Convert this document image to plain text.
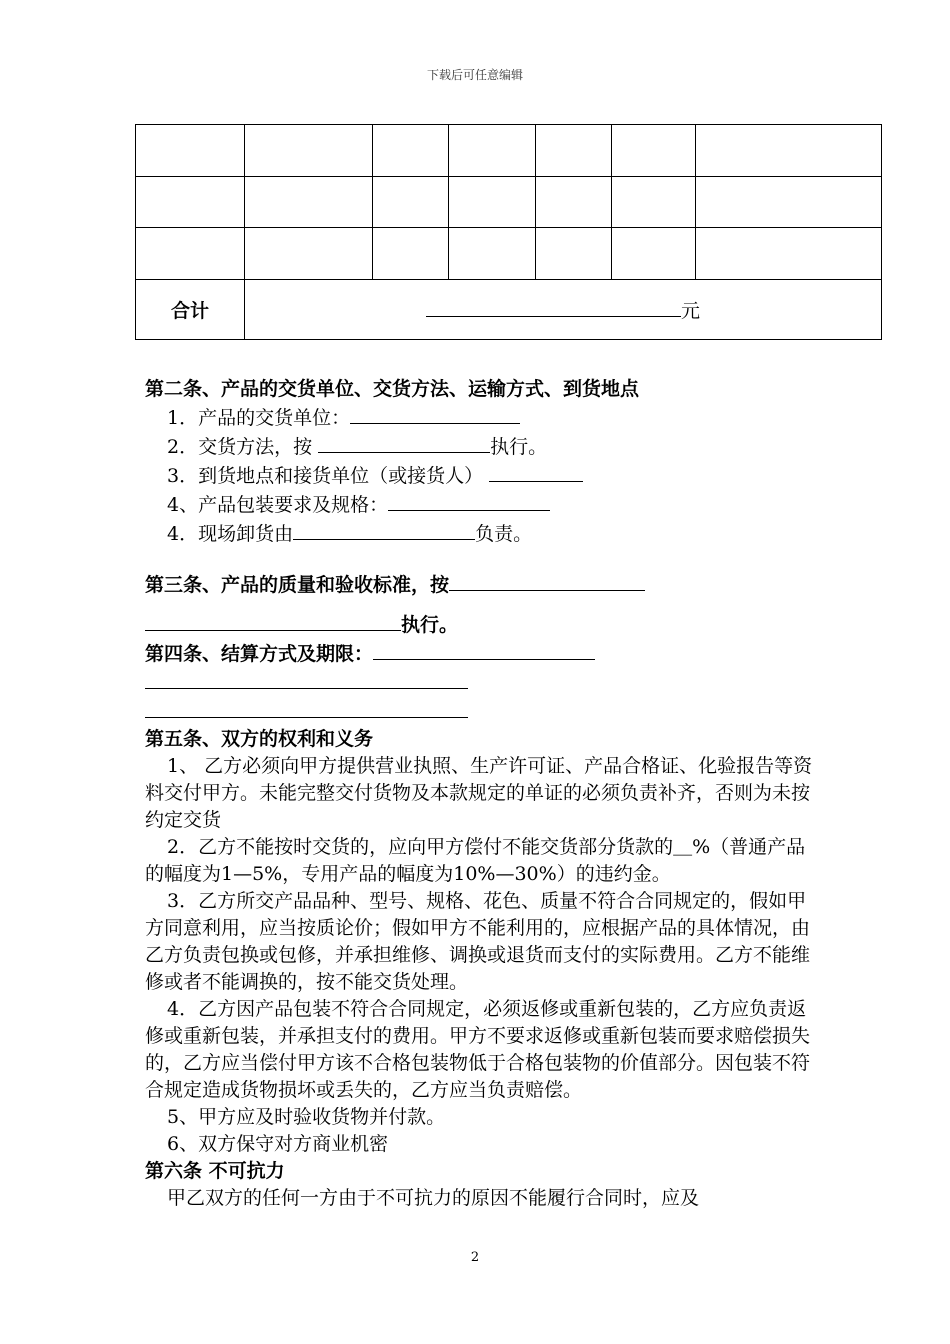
下载后可任意编辑

合计	元					

第二条、产品的交货单位、交货方法、运输方式、到货地点

1．产品的交货单位：

2．交货方法，按	执行。

3．到货地点和接货单位（或接货人）

4、产品包装要求及规格：

4．现场卸货由	负责。

第三条、产品的质量和验收标准，按

执行。

第四条、结算方式及期限：

第五条、双方的权利和义务

1、 乙方必须向甲方提供营业执照、生产许可证、产品合格证、化验报告等资料交付甲方。未能完整交付货物及本款规定的单证的必须负责补齐，否则为未按约定交货

2．乙方不能按时交货的，应向甲方偿付不能交货部分货款的＿%（普通产品的幅度为1—5%，专用产品的幅度为10%—30%）的违约金。

3．乙方所交产品品种、型号、规格、花色、质量不符合合同规定的，假如甲方同意利用，应当按质论价；假如甲方不能利用的，应根据产品的具体情况，由乙方负责包换或包修，并承担维修、调换或退货而支付的实际费用。乙方不能维修或者不能调换的，按不能交货处理。

4．乙方因产品包装不符合合同规定，必须返修或重新包装的，乙方应负责返修或重新包装，并承担支付的费用。甲方不要求返修或重新包装而要求赔偿损失的，乙方应当偿付甲方该不合格包装物低于合格包装物的价值部分。因包装不符合规定造成货物损坏或丢失的，乙方应当负责赔偿。

5、甲方应及时验收货物并付款。

6、双方保守对方商业机密

第六条 不可抗力

甲乙双方的任何一方由于不可抗力的原因不能履行合同时，应及

2
